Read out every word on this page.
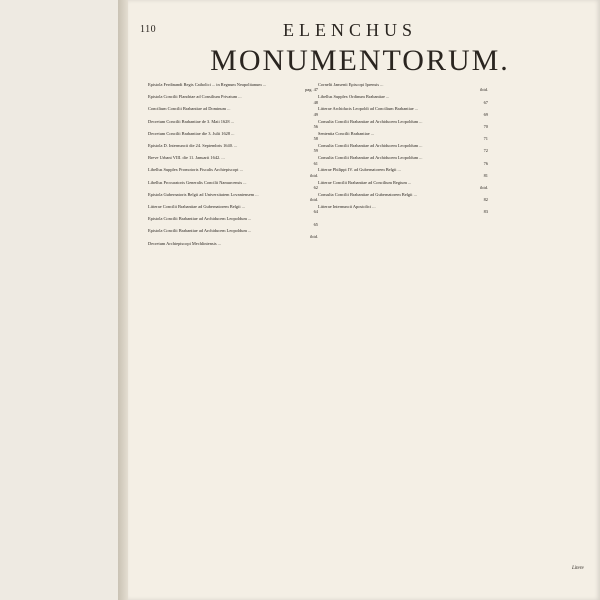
110	ELENCHUS
MONUMENTORUM.

Epistola Ferdinandi Regis Catholici ... in Regnum Neapolitanum ...
pag. 47

Epistola Concilii Flandriae ad Consilium Privatum ...
48

Concilium Concilii Brabantiae ad Dominum ...
49

Decretum Concilii Brabantiae de 3. Maii 1628 ...
56

Decretum Concilii Brabantiae die 3. Julii 1628 ...
58

Epistola D. Internuncii die 24. Septembris 1640. ...
59

Breve Urbani VIII. die 11. Januarii 1642. ...
61

Libellus Supplex Promotoris Fiscalis Archiepiscopi ...
ibid.

Libellus Procuratoris Generalis Concilii Namurcensis ...
62

Epistola Gubernatoris Belgii ad Universitatem Lovaniensem ...
ibid.

Litterae Concilii Brabantiae ad Gubernatorem Belgii ...
64

Epistola Concilii Brabantiae ad Archiducem Leopoldum ...
65

Epistola Concilii Brabantiae ad Archiducem Leopoldum ...
ibid.

Decretum Archiepiscopi Mechliniensis ...

Cornelii Jansenii Episcopi Iprensis ...
ibid.

Libellus Supplex Ordinum Brabantiae ...
67

Litterae Archiducis Leopoldi ad Concilium Brabantiae ...
69

Consulta Concilii Brabantiae ad Archiducem Leopoldum ...
70

Sententia Concilii Brabantiae ...
71

Consulta Concilii Brabantiae ad Archiducem Leopoldum ...
72

Consulta Concilii Brabantiae ad Archiducem Leopoldum ...
76

Litterae Philippi IV. ad Gubernatorem Belgii ...
81

Litterae Concilii Brabantiae ad Concilium Regium ...
ibid.

Consulta Concilii Brabantiae ad Gubernatorem Belgii ...
82

Litterae Internuncii Apostolici ...
83

Litere
